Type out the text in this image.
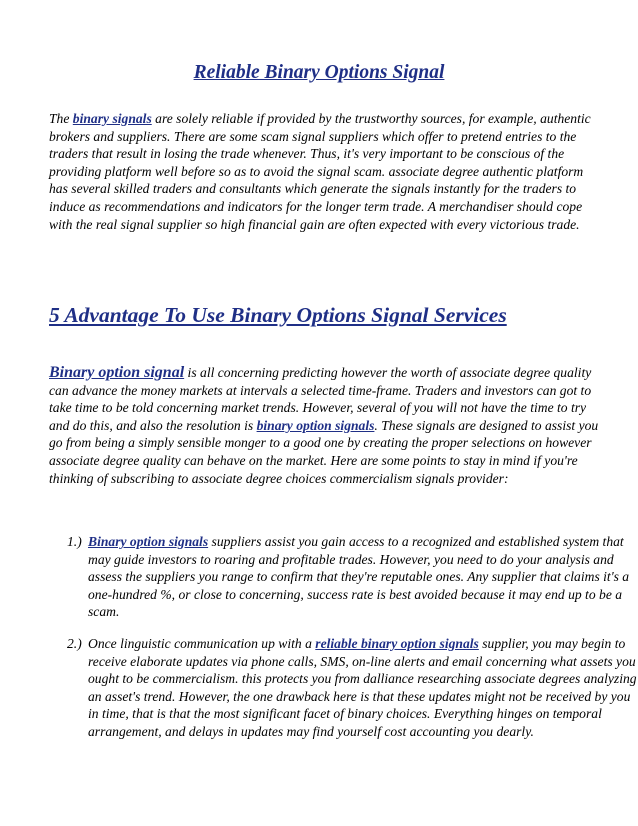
Reliable Binary Options Signal

The binary signals are solely reliable if provided by the trustworthy sources, for example, authentic brokers and suppliers. There are some scam signal suppliers which offer to pretend entries to the traders that result in losing the trade whenever. Thus, it's very important to be conscious of the providing platform well before so as to avoid the signal scam. associate degree authentic platform has several skilled traders and consultants which generate the signals instantly for the traders to induce as recommendations and indicators for the longer term trade. A merchandiser should cope with the real signal supplier so high financial gain are often expected with every victorious trade.

5 Advantage To Use Binary Options Signal Services

Binary option signal is all concerning predicting however the worth of associate degree quality can advance the money markets at intervals a selected time-frame. Traders and investors can got to take time to be told concerning market trends. However, several of you will not have the time to try and do this, and also the resolution is binary option signals. These signals are designed to assist you go from being a simply sensible monger to a good one by creating the proper selections on however associate degree quality can behave on the market. Here are some points to stay in mind if you're thinking of subscribing to associate degree choices commercialism signals provider:

1.) Binary option signals suppliers assist you gain access to a recognized and established system that may guide investors to roaring and profitable trades. However, you need to do your analysis and assess the suppliers you range to confirm that they're reputable ones. Any supplier that claims it's a one-hundred %, or close to concerning, success rate is best avoided because it may end up to be a scam.
2.) Once linguistic communication up with a reliable binary option signals supplier, you may begin to receive elaborate updates via phone calls, SMS, on-line alerts and email concerning what assets you ought to be commercialism. this protects you from dalliance researching associate degrees analyzing an asset's trend. However, the one drawback here is that these updates might not be received by you in time, that is that the most significant facet of binary choices. Everything hinges on temporal arrangement, and delays in updates may find yourself cost accounting you dearly.
